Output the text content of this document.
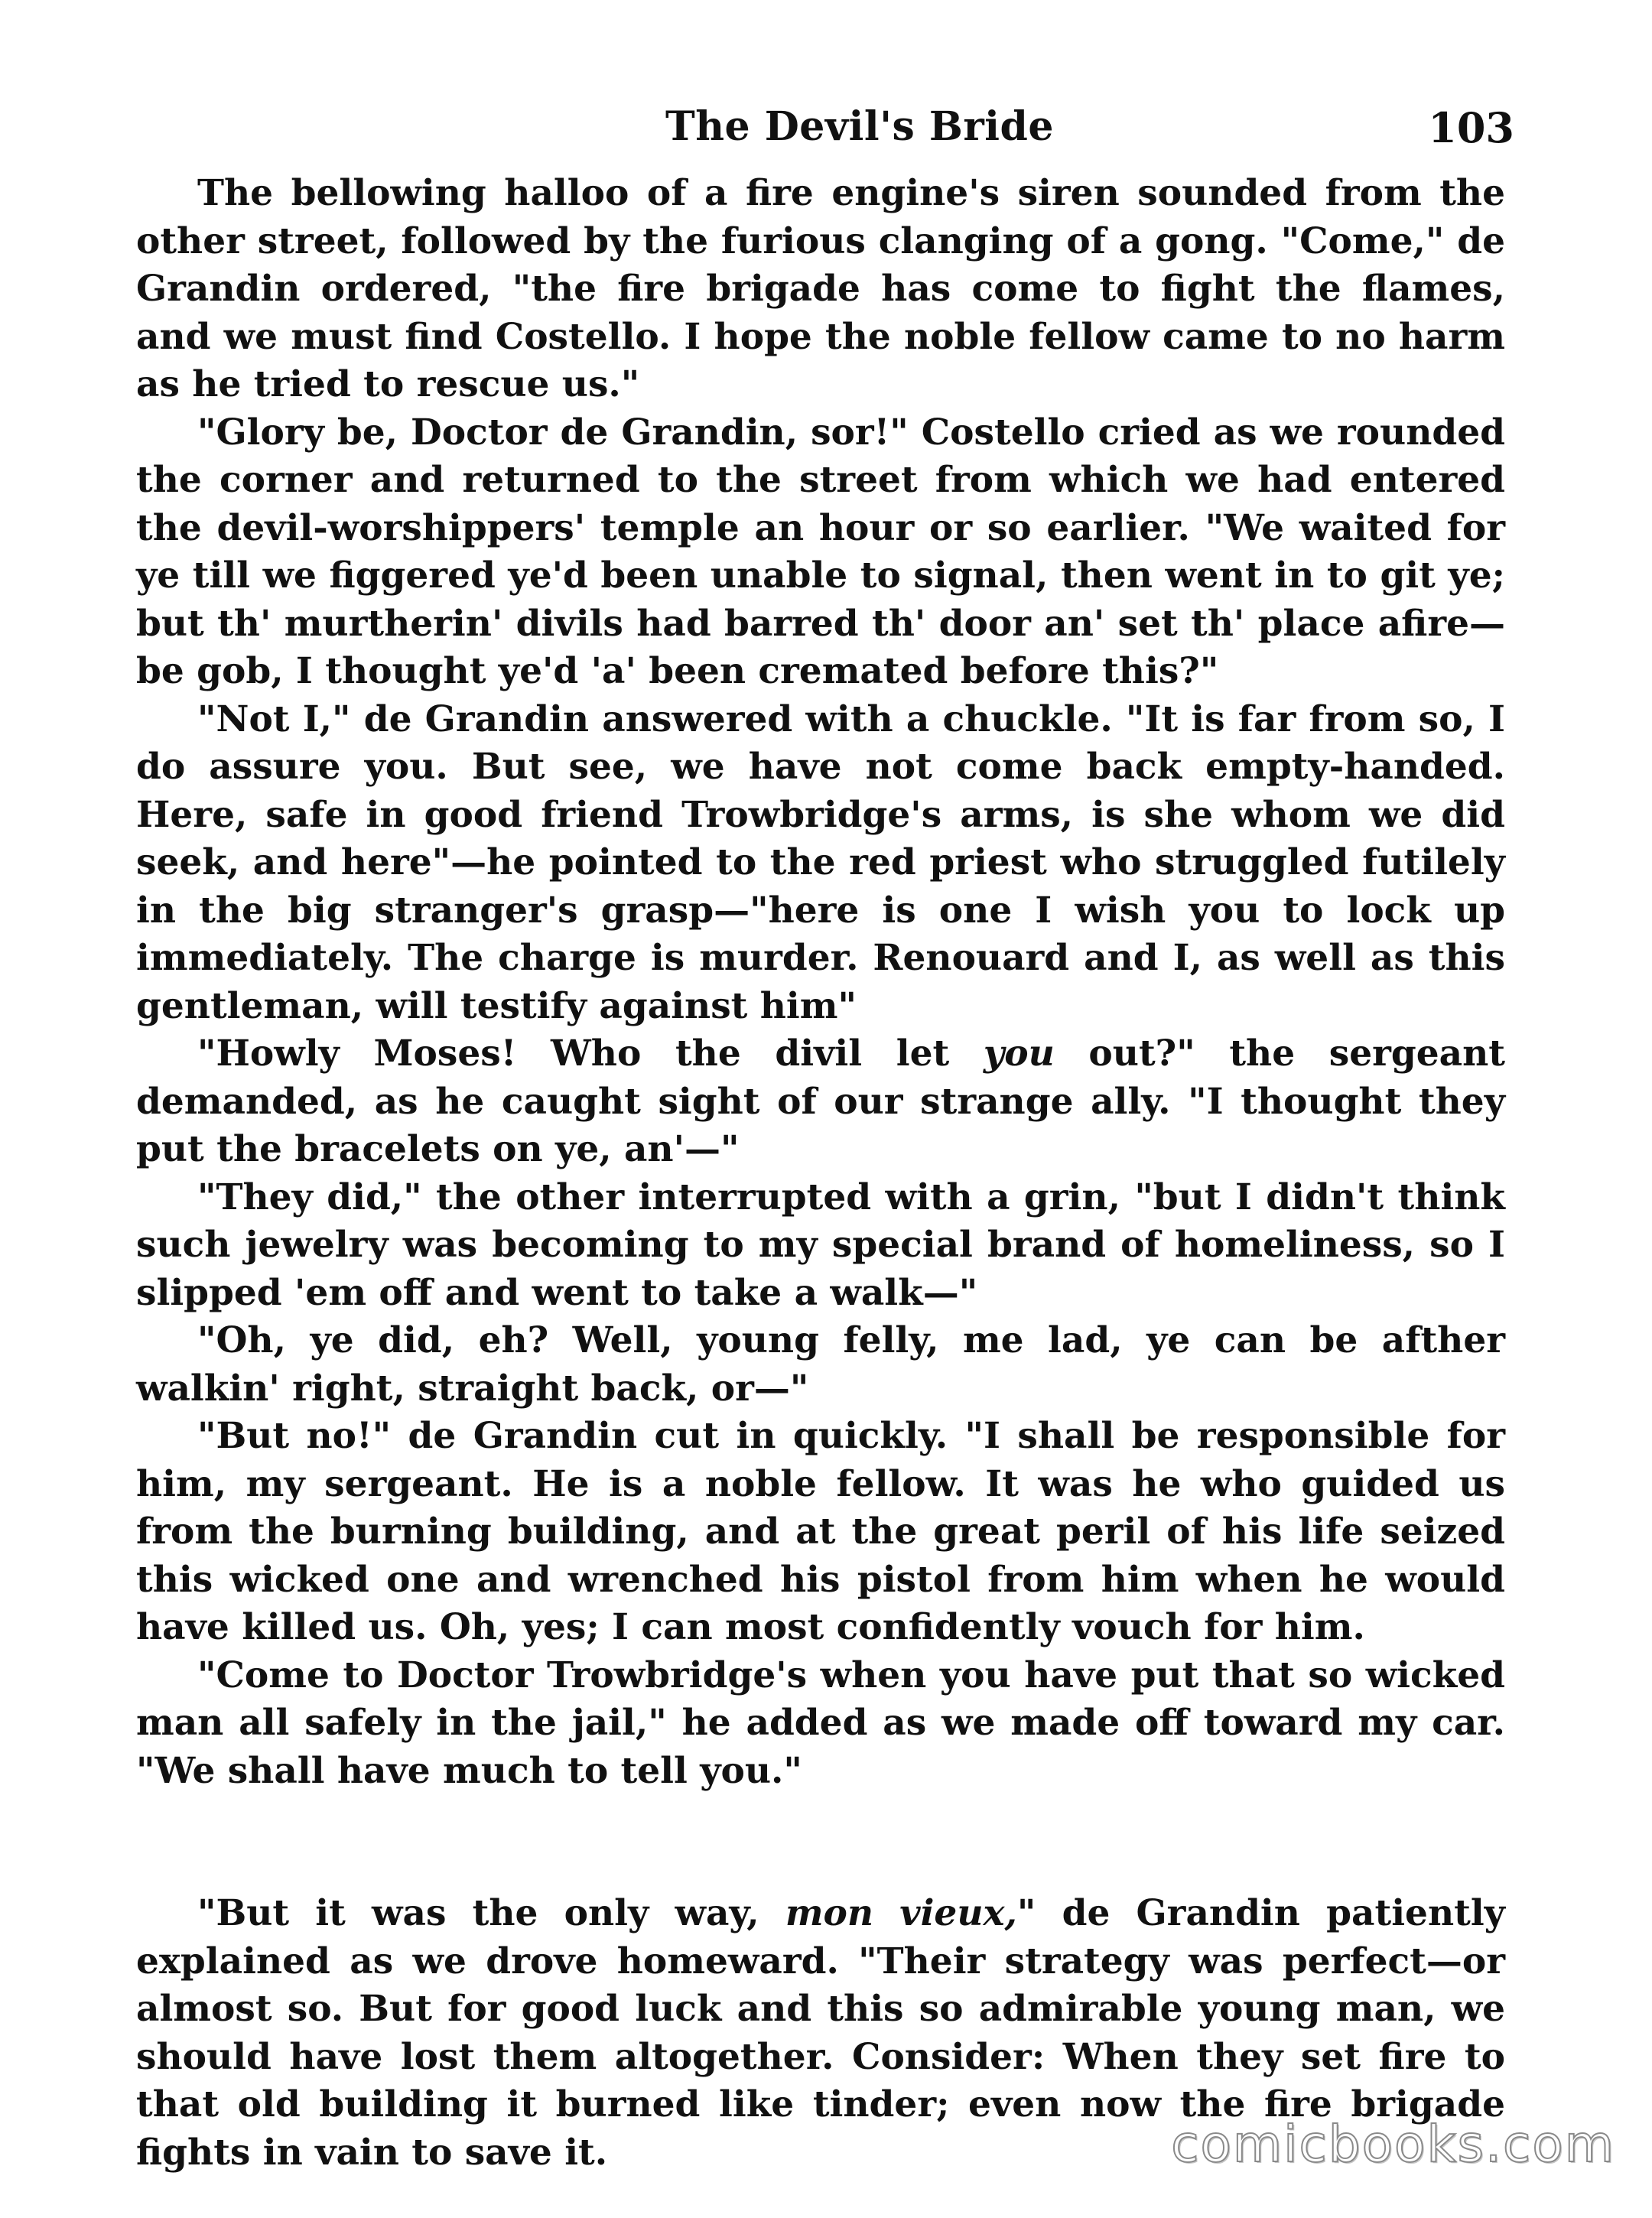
The Devil's Bride	103

The bellowing halloo of a fire engine's siren sounded from the other street, followed by the furious clanging of a gong. "Come," de Grandin ordered, "the fire brigade has come to fight the flames, and we must find Costello. I hope the noble fellow came to no harm as he tried to rescue us."

"Glory be, Doctor de Grandin, sor!" Costello cried as we rounded the corner and returned to the street from which we had entered the devil-worshippers' temple an hour or so earlier. "We waited for ye till we figgered ye'd been unable to signal, then went in to git ye; but th' murtherin' divils had barred th' door an' set th' place afire—be gob, I thought ye'd 'a' been cremated before this?"

"Not I," de Grandin answered with a chuckle. "It is far from so, I do assure you. But see, we have not come back empty-handed. Here, safe in good friend Trowbridge's arms, is she whom we did seek, and here"—he pointed to the red priest who struggled futilely in the big stranger's grasp—"here is one I wish you to lock up immediately. The charge is murder. Renouard and I, as well as this gentleman, will testify against him"

"Howly Moses! Who the divil let you out?" the sergeant demanded, as he caught sight of our strange ally. "I thought they put the bracelets on ye, an'—"

"They did," the other interrupted with a grin, "but I didn't think such jewelry was becoming to my special brand of homeliness, so I slipped 'em off and went to take a walk—"

"Oh, ye did, eh? Well, young felly, me lad, ye can be afther walkin' right, straight back, or—"

"But no!" de Grandin cut in quickly. "I shall be responsible for him, my sergeant. He is a noble fellow. It was he who guided us from the burning building, and at the great peril of his life seized this wicked one and wrenched his pistol from him when he would have killed us. Oh, yes; I can most confidently vouch for him.

"Come to Doctor Trowbridge's when you have put that so wicked man all safely in the jail," he added as we made off toward my car. "We shall have much to tell you."

"But it was the only way, mon vieux," de Grandin patiently explained as we drove homeward. "Their strategy was perfect—or almost so. But for good luck and this so admirable young man, we should have lost them altogether. Consider: When they set fire to that old building it burned like tinder; even now the fire brigade fights in vain to save it.	comicbooks.com
